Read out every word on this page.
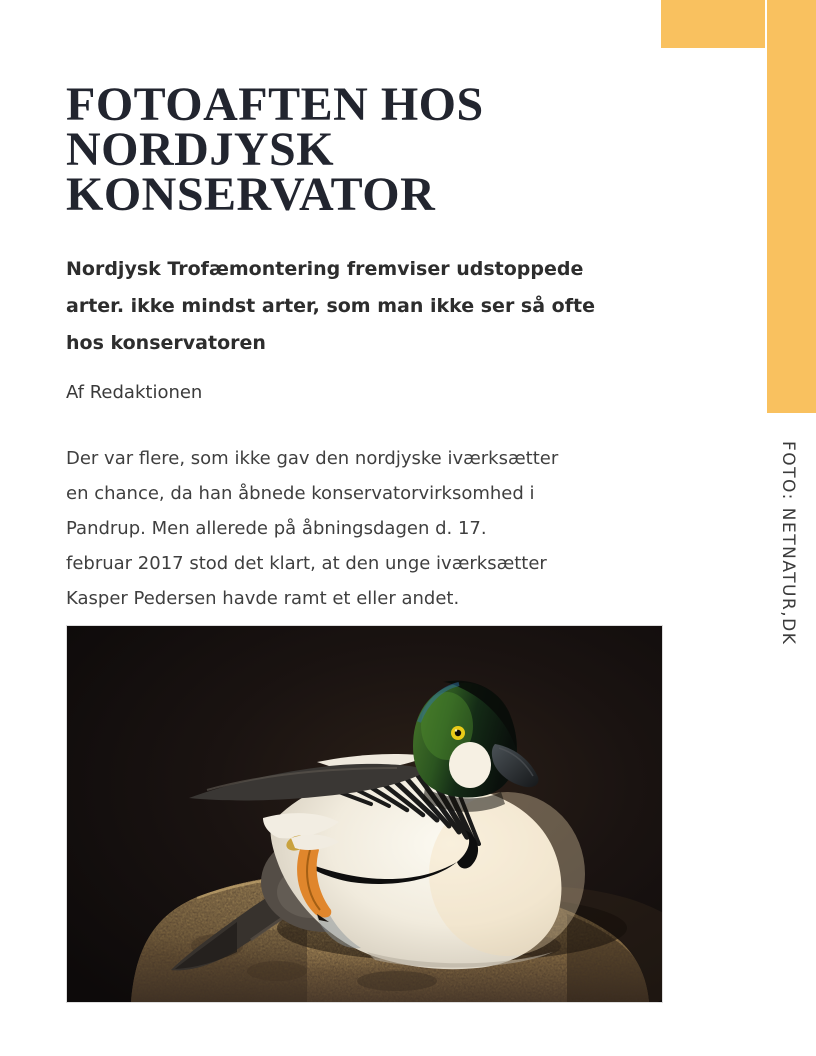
FOTO: NETNATUR,DK
FOTOAFTEN HOS
NORDJYSK
KONSERVATOR

Nordjysk Trofæmontering fremviser udstoppede
arter. ikke mindst arter, som man ikke ser så ofte
hos konservatoren

Af Redaktionen

Der var flere, som ikke gav den nordjyske iværksætter
en chance, da han åbnede konservatorvirksomhed i
Pandrup. Men allerede på åbningsdagen d. 17.
februar 2017 stod det klart, at den unge iværksætter
Kasper Pedersen havde ramt et eller andet.
